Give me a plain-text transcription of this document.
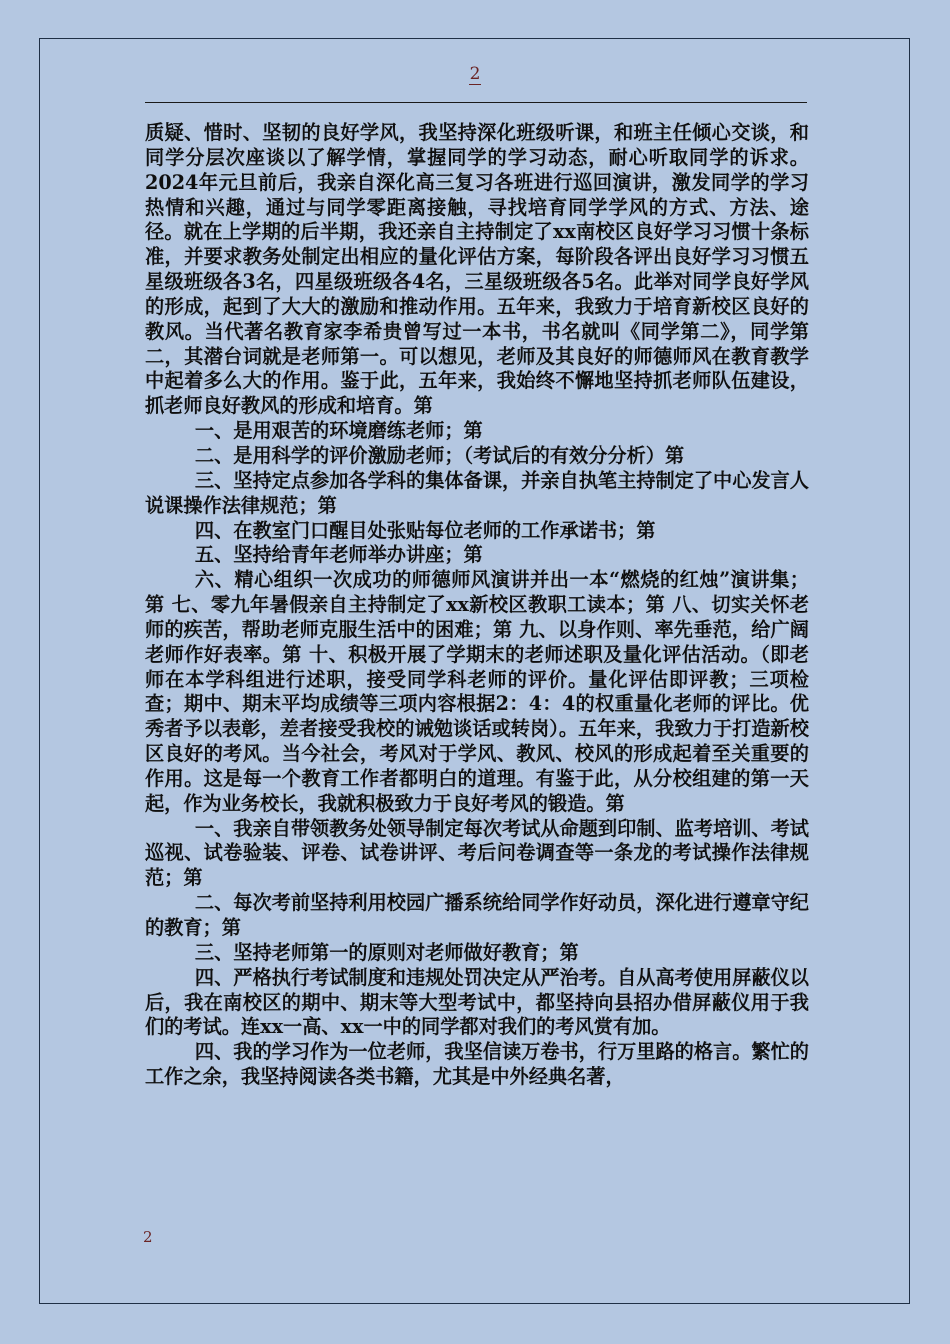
2

质疑、惜时、坚韧的良好学风，我坚持深化班级听课，和班主任倾心交谈，和同学分层次座谈以了解学情，掌握同学的学习动态，耐心听取同学的诉求。2024年元旦前后，我亲自深化高三复习各班进行巡回演讲，激发同学的学习热情和兴趣，通过与同学零距离接触，寻找培育同学学风的方式、方法、途径。就在上学期的后半期，我还亲自主持制定了xx南校区良好学习习惯十条标准，并要求教务处制定出相应的量化评估方案，每阶段各评出良好学习习惯五星级班级各3名，四星级班级各4名，三星级班级各5名。此举对同学良好学风的形成，起到了大大的激励和推动作用。五年来，我致力于培育新校区良好的教风。当代著名教育家李希贵曾写过一本书，书名就叫《同学第二》，同学第二，其潜台词就是老师第一。可以想见，老师及其良好的师德师风在教育教学中起着多么大的作用。鉴于此，五年来，我始终不懈地坚持抓老师队伍建设，抓老师良好教风的形成和培育。第

一、是用艰苦的环境磨练老师；第

二、是用科学的评价激励老师；（考试后的有效分分析）第

三、坚持定点参加各学科的集体备课，并亲自执笔主持制定了中心发言人说课操作法律规范；第

四、在教室门口醒目处张贴每位老师的工作承诺书；第

五、坚持给青年老师举办讲座；第

六、精心组织一次成功的师德师风演讲并出一本“燃烧的红烛”演讲集；第 七、零九年暑假亲自主持制定了xx新校区教职工读本；第 八、切实关怀老师的疾苦，帮助老师克服生活中的困难；第 九、以身作则、率先垂范，给广阔老师作好表率。第 十、积极开展了学期末的老师述职及量化评估活动。（即老师在本学科组进行述职，接受同学科老师的评价。量化评估即评教；三项检查；期中、期末平均成绩等三项内容根据2：4：4的权重量化老师的评比。优秀者予以表彰，差者接受我校的诫勉谈话或转岗）。五年来，我致力于打造新校区良好的考风。当今社会，考风对于学风、教风、校风的形成起着至关重要的作用。这是每一个教育工作者都明白的道理。有鉴于此，从分校组建的第一天起，作为业务校长，我就积极致力于良好考风的锻造。第

一、我亲自带领教务处领导制定每次考试从命题到印制、监考培训、考试巡视、试卷验装、评卷、试卷讲评、考后问卷调查等一条龙的考试操作法律规范；第

二、每次考前坚持利用校园广播系统给同学作好动员，深化进行遵章守纪的教育；第

三、坚持老师第一的原则对老师做好教育；第

四、严格执行考试制度和违规处罚决定从严治考。自从高考使用屏蔽仪以后，我在南校区的期中、期末等大型考试中，都坚持向县招办借屏蔽仪用于我们的考试。连xx一高、xx一中的同学都对我们的考风赏有加。

四、我的学习作为一位老师，我坚信读万卷书，行万里路的格言。繁忙的工作之余，我坚持阅读各类书籍，尤其是中外经典名著，

2
